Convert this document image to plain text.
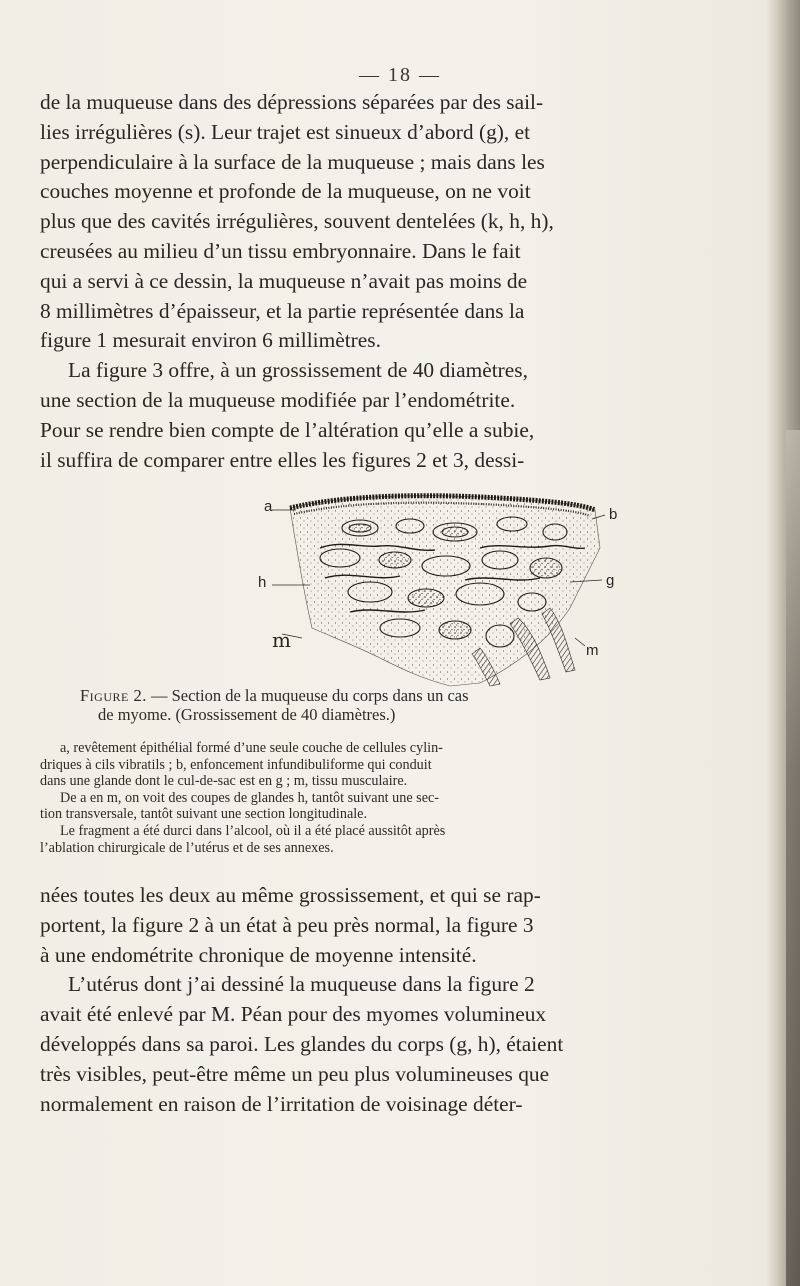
— 18 —
de la muqueuse dans des dépressions séparées par des sail-
lies irrégulières (s). Leur trajet est sinueux d’abord (g), et
perpendiculaire à la surface de la muqueuse ; mais dans les
couches moyenne et profonde de la muqueuse, on ne voit
plus que des cavités irrégulières, souvent dentelées (k, h, h),
creusées au milieu d’un tissu embryonnaire. Dans le fait
qui a servi à ce dessin, la muqueuse n’avait pas moins de
8 millimètres d’épaisseur, et la partie représentée dans la
figure 1 mesurait environ 6 millimètres.
La figure 3 offre, à un grossissement de 40 diamètres,
une section de la muqueuse modifiée par l’endométrite.
Pour se rendre bien compte de l’altération qu’elle a subie,
il suffira de comparer entre elles les figures 2 et 3, dessi-
a	b
h	g
m
m
Figure 2. — Section de la muqueuse du corps dans un cas
de myome. (Grossissement de 40 diamètres.)
a, revêtement épithélial formé d’une seule couche de cellules cylin-
driques à cils vibratils ; b, enfoncement infundibuliforme qui conduit
dans une glande dont le cul-de-sac est en g ; m, tissu musculaire.
De a en m, on voit des coupes de glandes h, tantôt suivant une sec-
tion transversale, tantôt suivant une section longitudinale.
Le fragment a été durci dans l’alcool, où il a été placé aussitôt après
l’ablation chirurgicale de l’utérus et de ses annexes.
nées toutes les deux au même grossissement, et qui se rap-
portent, la figure 2 à un état à peu près normal, la figure 3
à une endométrite chronique de moyenne intensité.
L’utérus dont j’ai dessiné la muqueuse dans la figure 2
avait été enlevé par M. Péan pour des myomes volumineux
développés dans sa paroi. Les glandes du corps (g, h), étaient
très visibles, peut-être même un peu plus volumineuses que
normalement en raison de l’irritation de voisinage déter-
